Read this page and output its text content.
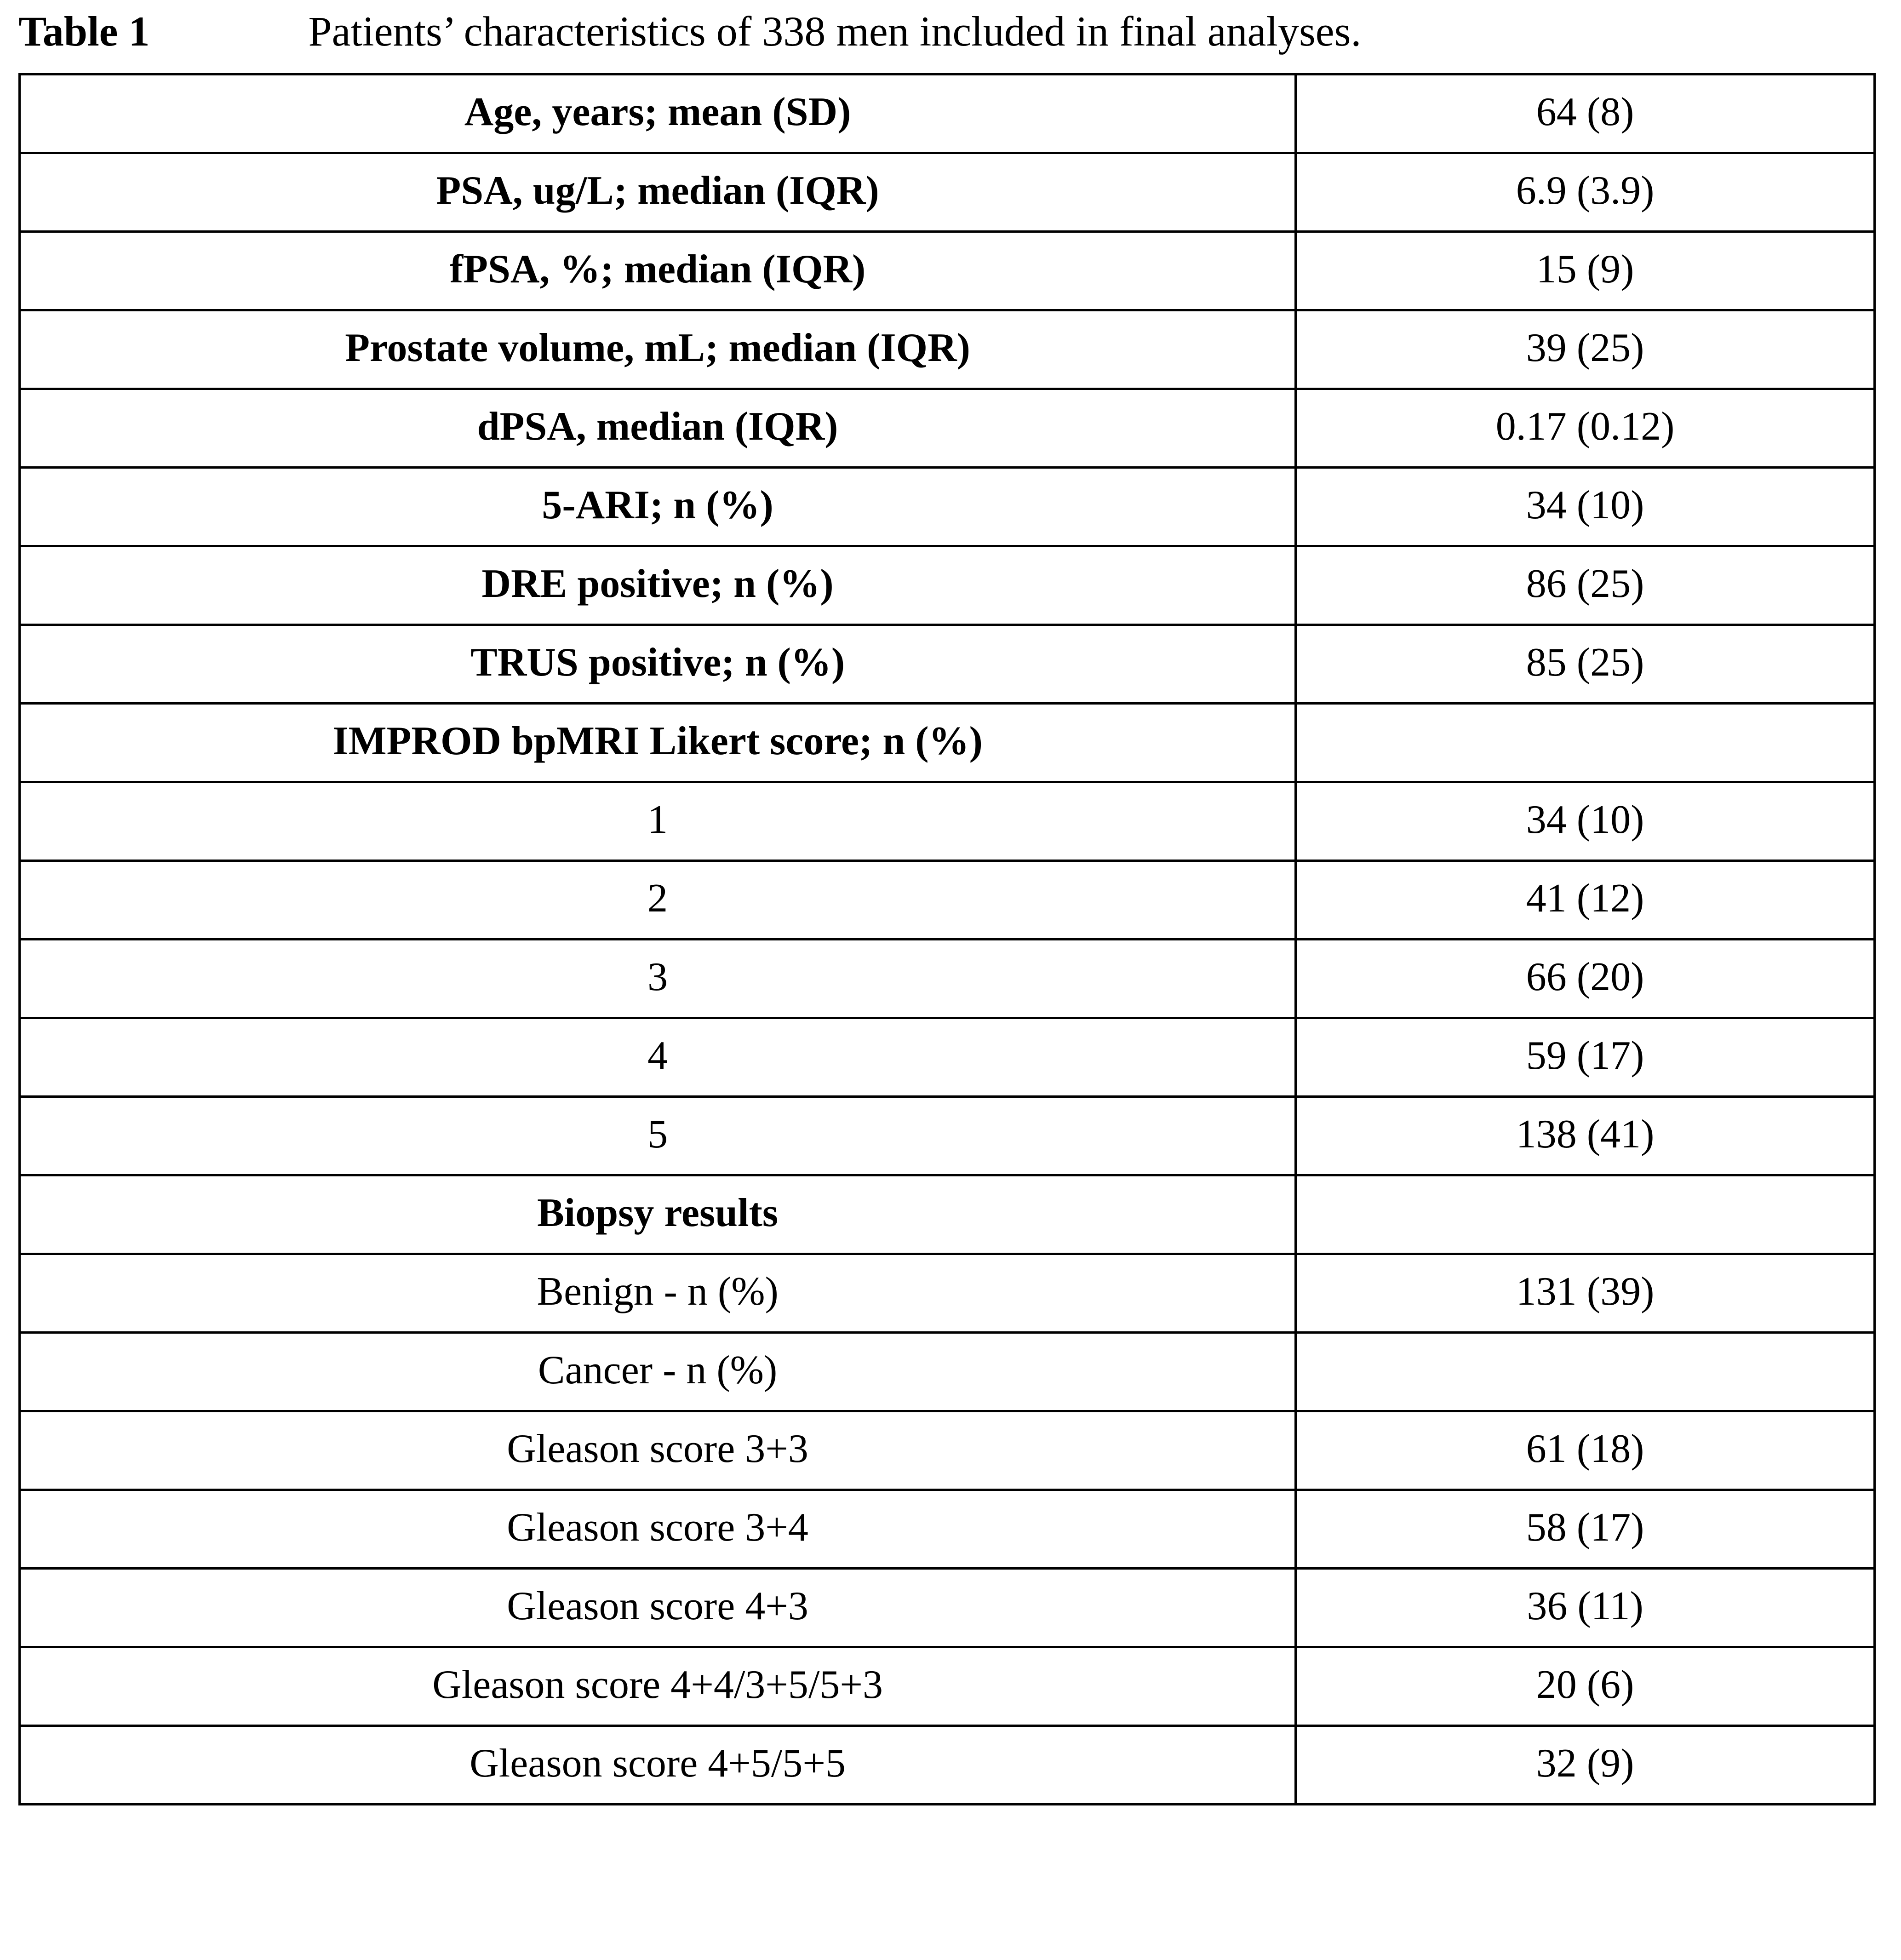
Table 1	Patients’ characteristics of 338 men included in final analyses.
Age, years; mean (SD)	64 (8)
PSA, ug/L; median (IQR)	6.9 (3.9)
fPSA, %; median (IQR)	15 (9)
Prostate volume, mL; median (IQR)	39 (25)
dPSA, median (IQR)	0.17 (0.12)
5-ARI; n (%)	34 (10)
DRE positive; n (%)	86 (25)
TRUS positive; n (%)	85 (25)
IMPROD bpMRI Likert score; n (%)	
1	34 (10)
2	41 (12)
3	66 (20)
4	59 (17)
5	138 (41)
Biopsy results	
Benign - n (%)	131 (39)
Cancer - n (%)	
Gleason score 3+3	61 (18)
Gleason score 3+4	58 (17)
Gleason score 4+3	36 (11)
Gleason score 4+4/3+5/5+3	20 (6)
Gleason score 4+5/5+5	32 (9)
